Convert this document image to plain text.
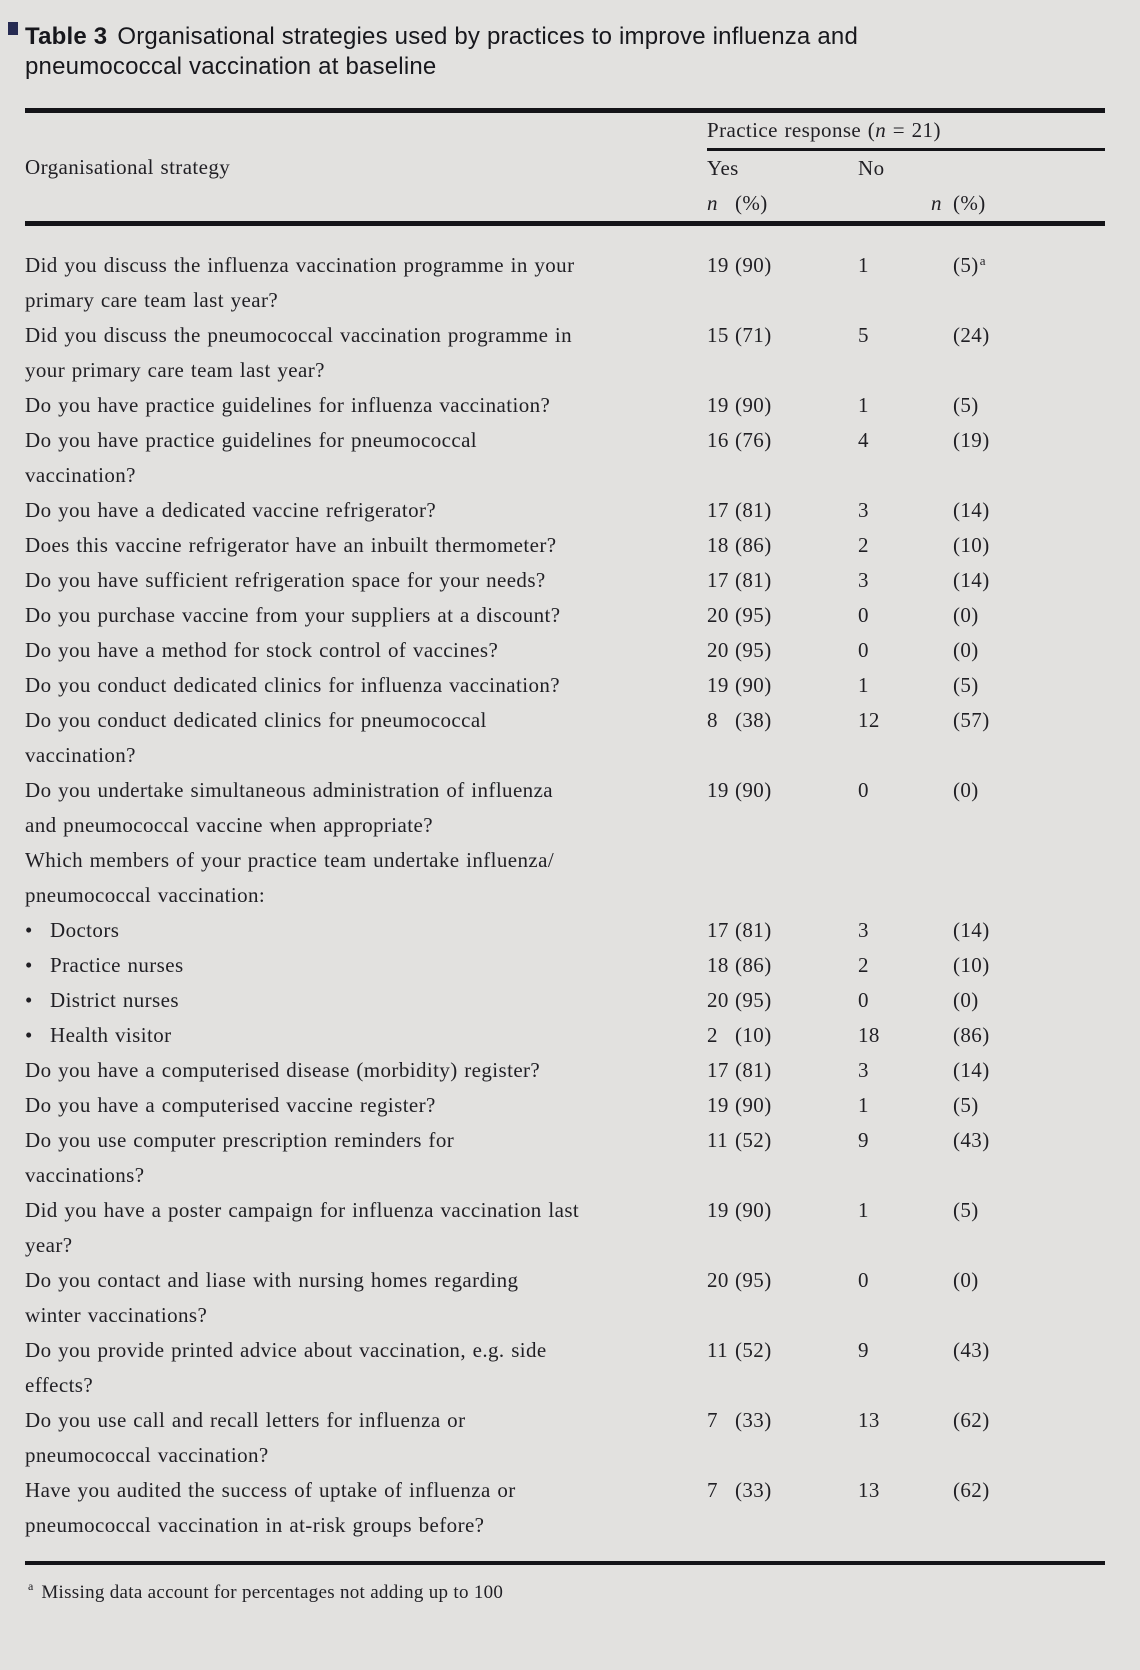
Table 3 Organisational strategies used by practices to improve influenza and pneumococcal vaccination at baseline
	Practice response (n = 21)			
Organisational strategy	Yes		No	
	n	(%)	n	(%)

Did you discuss the influenza vaccination programme in your
primary care team last year?	19	(90)	1	$(5)^a$

Did you discuss the pneumococcal vaccination programme in
your primary care team last year?	15	(71)	5	(24)

Do you have practice guidelines for influenza vaccination?	19	(90)	1	(5)

Do you have practice guidelines for pneumococcal
vaccination?	16	(76)	4	(19)

Do you have a dedicated vaccine refrigerator?	17	(81)	3	(14)

Does this vaccine refrigerator have an inbuilt thermometer?	18	(86)	2	(10)

Do you have sufficient refrigeration space for your needs?	17	(81)	3	(14)

Do you purchase vaccine from your suppliers at a discount?	20	(95)	0	(0)

Do you have a method for stock control of vaccines?	20	(95)	0	(0)

Do you conduct dedicated clinics for influenza vaccination?	19	(90)	1	(5)

Do you conduct dedicated clinics for pneumococcal
vaccination?	8	(38)	12	(57)

Do you undertake simultaneous administration of influenza
and pneumococcal vaccine when appropriate?	19	(90)	0	(0)

Which members of your practice team undertake influenza/
pneumococcal vaccination:				

• Doctors	17	(81)	3	(14)

• Practice nurses	18	(86)	2	(10)

• District nurses	20	(95)	0	(0)

• Health visitor	2	(10)	18	(86)

Do you have a computerised disease (morbidity) register?	17	(81)	3	(14)

Do you have a computerised vaccine register?	19	(90)	1	(5)

Do you use computer prescription reminders for
vaccinations?	11	(52)	9	(43)

Did you have a poster campaign for influenza vaccination last
year?	19	(90)	1	(5)

Do you contact and liase with nursing homes regarding
winter vaccinations?	20	(95)	0	(0)

Do you provide printed advice about vaccination, e.g. side
effects?	11	(52)	9	(43)

Do you use call and recall letters for influenza or
pneumococcal vaccination?	7	(33)	13	(62)

Have you audited the success of uptake of influenza or
pneumococcal vaccination in at-risk groups before?	7	(33)	13	(62)
$^a$ Missing data account for percentages not adding up to 100
